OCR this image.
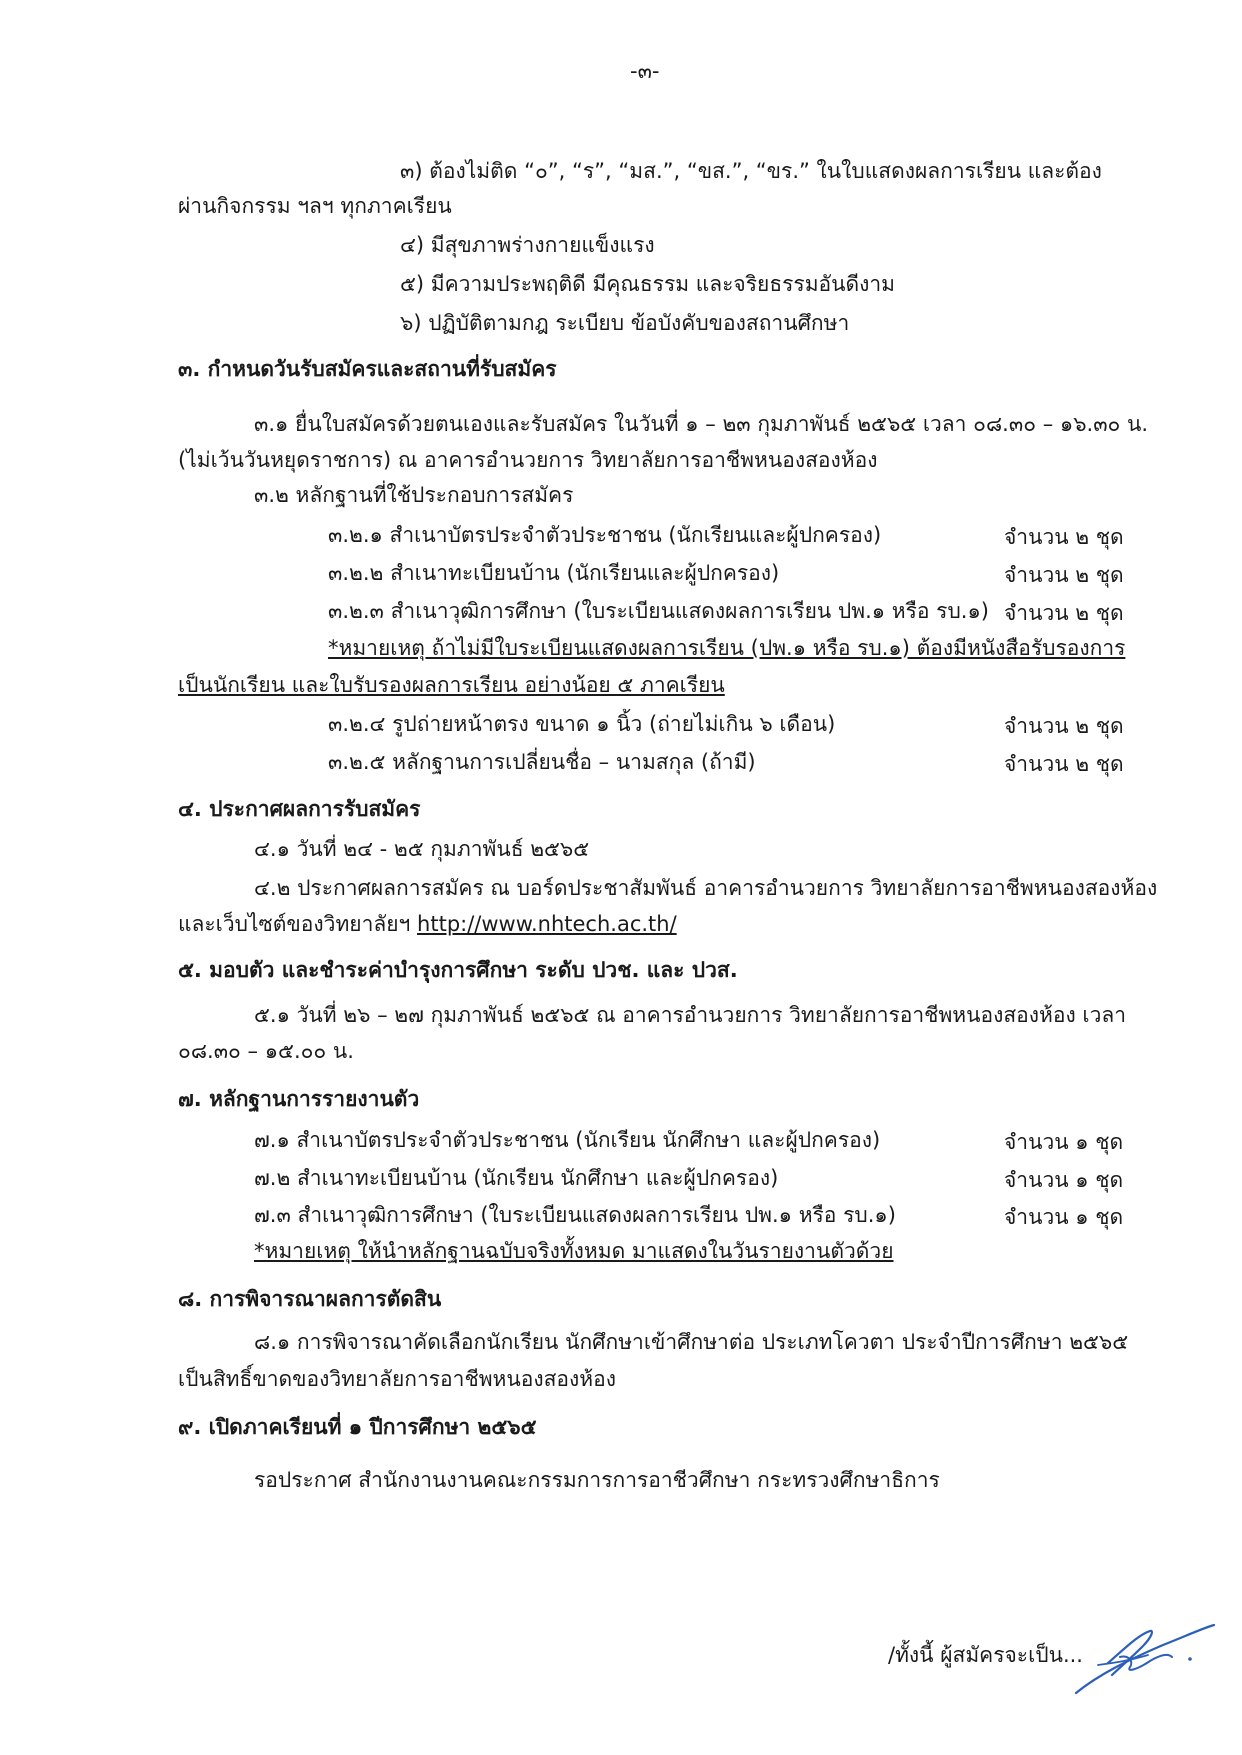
-๓-
๓) ต้องไม่ติด “๐”, “ร”, “มส.”, “ขส.”, “ขร.” ในใบแสดงผลการเรียน และต้อง
ผ่านกิจกรรม ฯลฯ ทุกภาคเรียน
๔) มีสุขภาพร่างกายแข็งแรง
๕) มีความประพฤติดี มีคุณธรรม และจริยธรรมอันดีงาม
๖) ปฏิบัติตามกฎ ระเบียบ ข้อบังคับของสถานศึกษา
๓. กำหนดวันรับสมัครและสถานที่รับสมัคร
๓.๑ ยื่นใบสมัครด้วยตนเองและรับสมัคร ในวันที่ ๑ – ๒๓ กุมภาพันธ์ ๒๕๖๕ เวลา ๐๘.๓๐ – ๑๖.๓๐ น.
(ไม่เว้นวันหยุดราชการ) ณ อาคารอำนวยการ วิทยาลัยการอาชีพหนองสองห้อง
๓.๒ หลักฐานที่ใช้ประกอบการสมัคร
๓.๒.๑ สำเนาบัตรประจำตัวประชาชน (นักเรียนและผู้ปกครอง)	จำนวน ๒ ชุด
๓.๒.๒ สำเนาทะเบียนบ้าน (นักเรียนและผู้ปกครอง)	จำนวน ๒ ชุด
๓.๒.๓ สำเนาวุฒิการศึกษา (ใบระเบียนแสดงผลการเรียน ปพ.๑ หรือ รบ.๑) จำนวน ๒ ชุด
*หมายเหตุ ถ้าไม่มีใบระเบียนแสดงผลการเรียน (ปพ.๑ หรือ รบ.๑) ต้องมีหนังสือรับรองการ
เป็นนักเรียน และใบรับรองผลการเรียน อย่างน้อย ๕ ภาคเรียน
๓.๒.๔ รูปถ่ายหน้าตรง ขนาด ๑ นิ้ว (ถ่ายไม่เกิน ๖ เดือน)	จำนวน ๒ ชุด
๓.๒.๕ หลักฐานการเปลี่ยนชื่อ – นามสกุล (ถ้ามี)	จำนวน ๒ ชุด
๔. ประกาศผลการรับสมัคร
๔.๑ วันที่ ๒๔ - ๒๕ กุมภาพันธ์ ๒๕๖๕
๔.๒ ประกาศผลการสมัคร ณ บอร์ดประชาสัมพันธ์ อาคารอำนวยการ วิทยาลัยการอาชีพหนองสองห้อง
และเว็บไซต์ของวิทยาลัยฯ http://www.nhtech.ac.th/
๕. มอบตัว และชำระค่าบำรุงการศึกษา ระดับ ปวช. และ ปวส.
๕.๑ วันที่ ๒๖ – ๒๗ กุมภาพันธ์ ๒๕๖๕ ณ อาคารอำนวยการ วิทยาลัยการอาชีพหนองสองห้อง เวลา
๐๘.๓๐ – ๑๕.๐๐ น.
๗. หลักฐานการรายงานตัว
๗.๑ สำเนาบัตรประจำตัวประชาชน (นักเรียน นักศึกษา และผู้ปกครอง)	จำนวน ๑ ชุด
๗.๒ สำเนาทะเบียนบ้าน (นักเรียน นักศึกษา และผู้ปกครอง)	จำนวน ๑ ชุด
๗.๓ สำเนาวุฒิการศึกษา (ใบระเบียนแสดงผลการเรียน ปพ.๑ หรือ รบ.๑)	จำนวน ๑ ชุด
*หมายเหตุ ให้นำหลักฐานฉบับจริงทั้งหมด มาแสดงในวันรายงานตัวด้วย
๘. การพิจารณาผลการตัดสิน
๘.๑ การพิจารณาคัดเลือกนักเรียน นักศึกษาเข้าศึกษาต่อ ประเภทโควตา ประจำปีการศึกษา ๒๕๖๕
เป็นสิทธิ์ขาดของวิทยาลัยการอาชีพหนองสองห้อง
๙. เปิดภาคเรียนที่ ๑ ปีการศึกษา ๒๕๖๕
รอประกาศ สำนักงานงานคณะกรรมการการอาชีวศึกษา กระทรวงศึกษาธิการ
/ทั้งนี้ ผู้สมัครจะเป็น...
